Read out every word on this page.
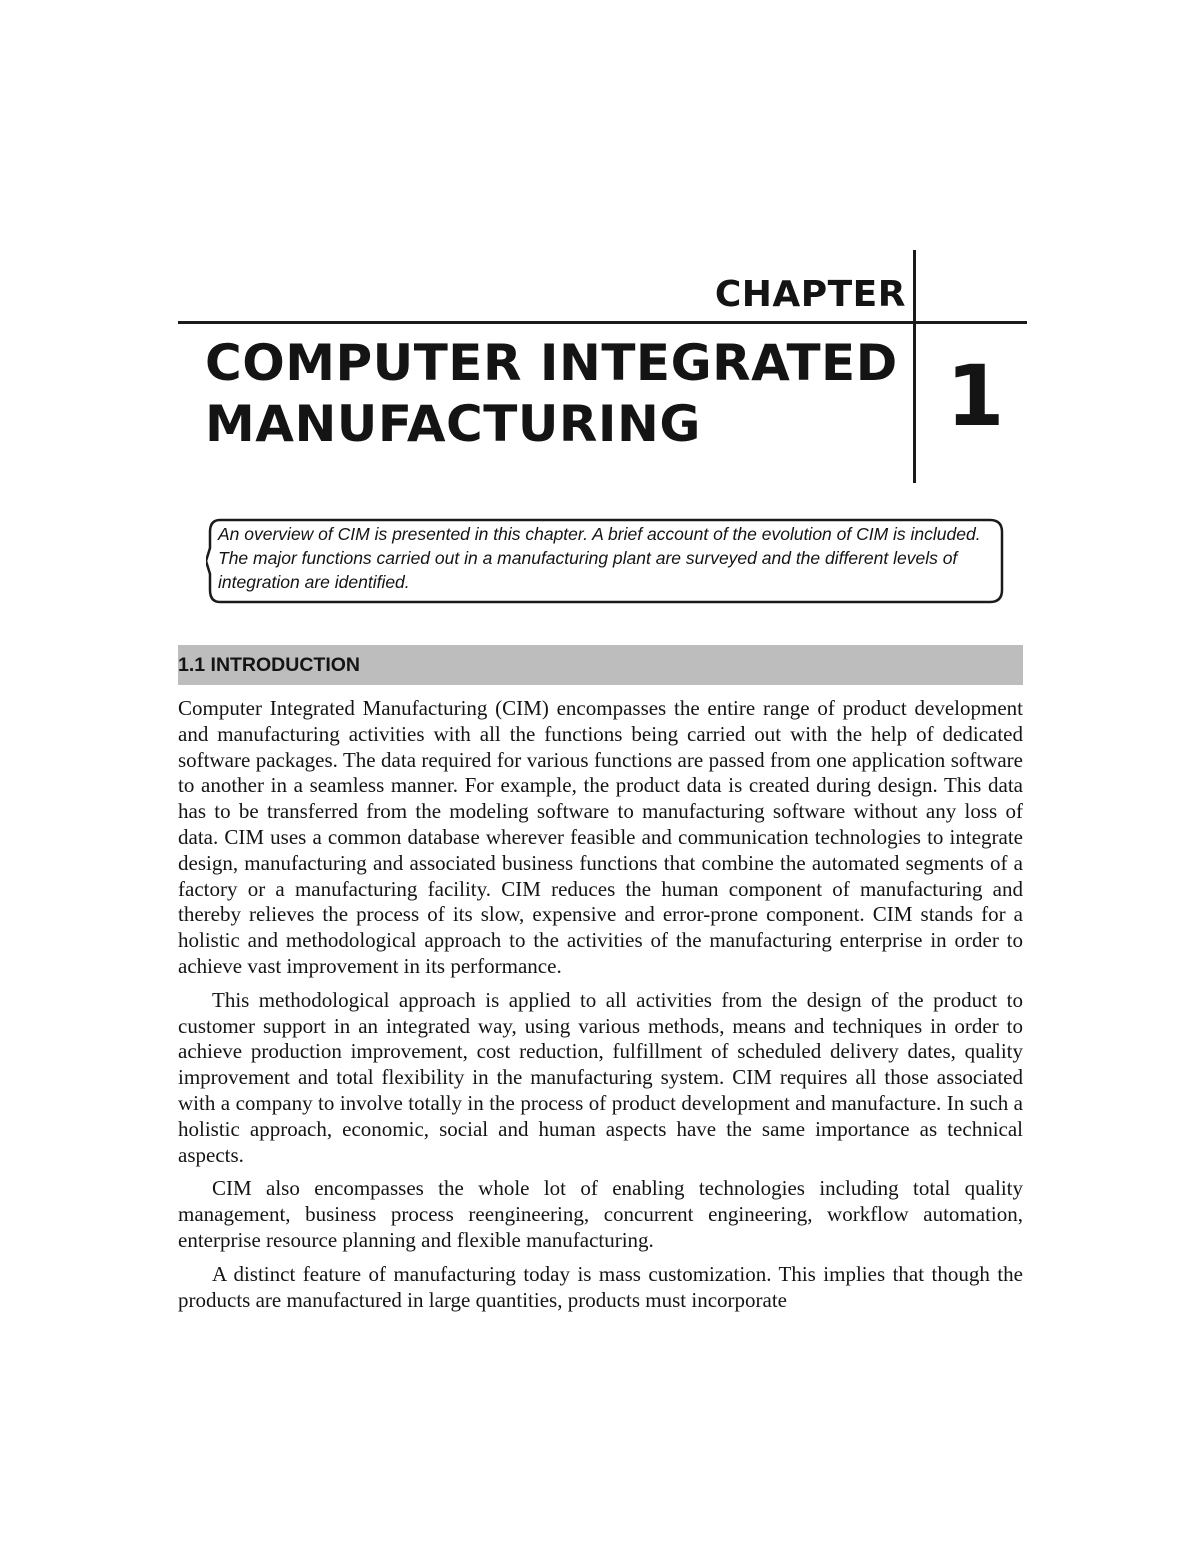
CHAPTER
COMPUTER INTEGRATED
MANUFACTURING	1

An overview of CIM is presented in this chapter. A brief account of the evolution of CIM is included. The major functions carried out in a manufacturing plant are surveyed and the different levels of integration are identified.

1.1 INTRODUCTION

Computer Integrated Manufacturing (CIM) encompasses the entire range of product development and manufacturing activities with all the functions being carried out with the help of dedicated software packages. The data required for various functions are passed from one application software to another in a seamless manner. For example, the product data is created during design. This data has to be transferred from the modeling software to manufacturing software without any loss of data. CIM uses a common database wherever feasible and communication technologies to integrate design, manufacturing and associated business functions that combine the automated segments of a factory or a manufacturing facility. CIM reduces the human component of manufacturing and thereby relieves the process of its slow, expensive and error-prone component. CIM stands for a holistic and methodological approach to the activities of the manufacturing enterprise in order to achieve vast improvement in its performance.

This methodological approach is applied to all activities from the design of the product to customer support in an integrated way, using various methods, means and techniques in order to achieve production improvement, cost reduction, fulfillment of scheduled delivery dates, quality improvement and total flexibility in the manufacturing system. CIM requires all those associated with a company to involve totally in the process of product development and manufacture. In such a holistic approach, economic, social and human aspects have the same importance as technical aspects.

CIM also encompasses the whole lot of enabling technologies including total quality management, business process reengineering, concurrent engineering, workflow automation, enterprise resource planning and flexible manufacturing.

A distinct feature of manufacturing today is mass customization. This implies that though the products are manufactured in large quantities, products must incorporate
